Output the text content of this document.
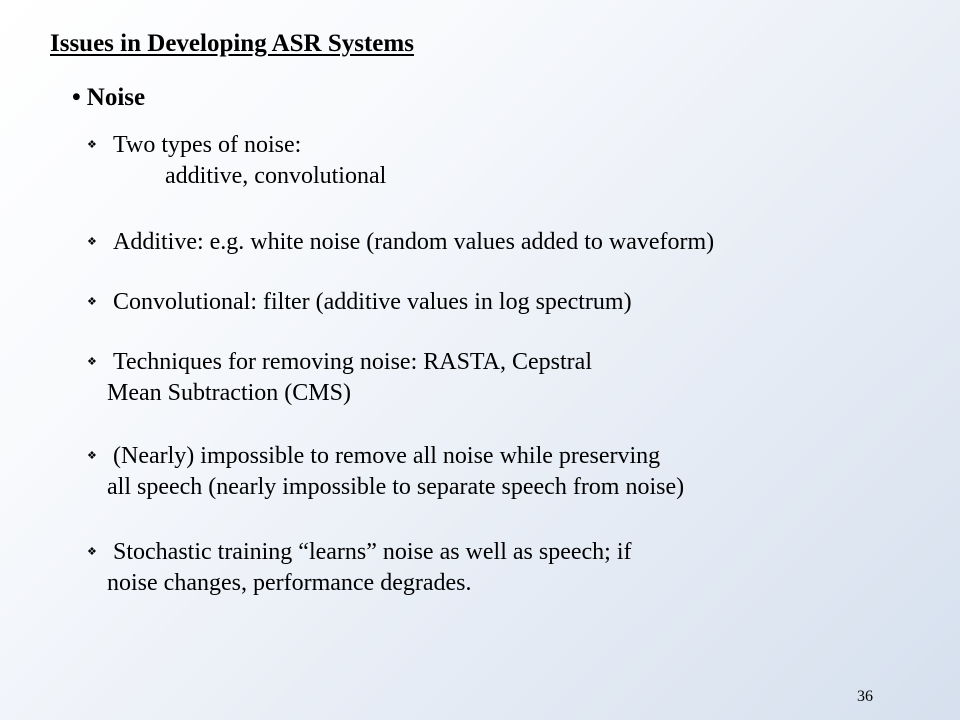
Issues in Developing ASR Systems
• Noise
❖ Two types of noise:
additive, convolutional
❖ Additive: e.g. white noise (random values added to waveform)
❖ Convolutional: filter (additive values in log spectrum)
❖ Techniques for removing noise: RASTA, Cepstral
Mean Subtraction (CMS)
❖ (Nearly) impossible to remove all noise while preserving
all speech (nearly impossible to separate speech from noise)
❖ Stochastic training “learns” noise as well as speech; if
noise changes, performance degrades.
36
